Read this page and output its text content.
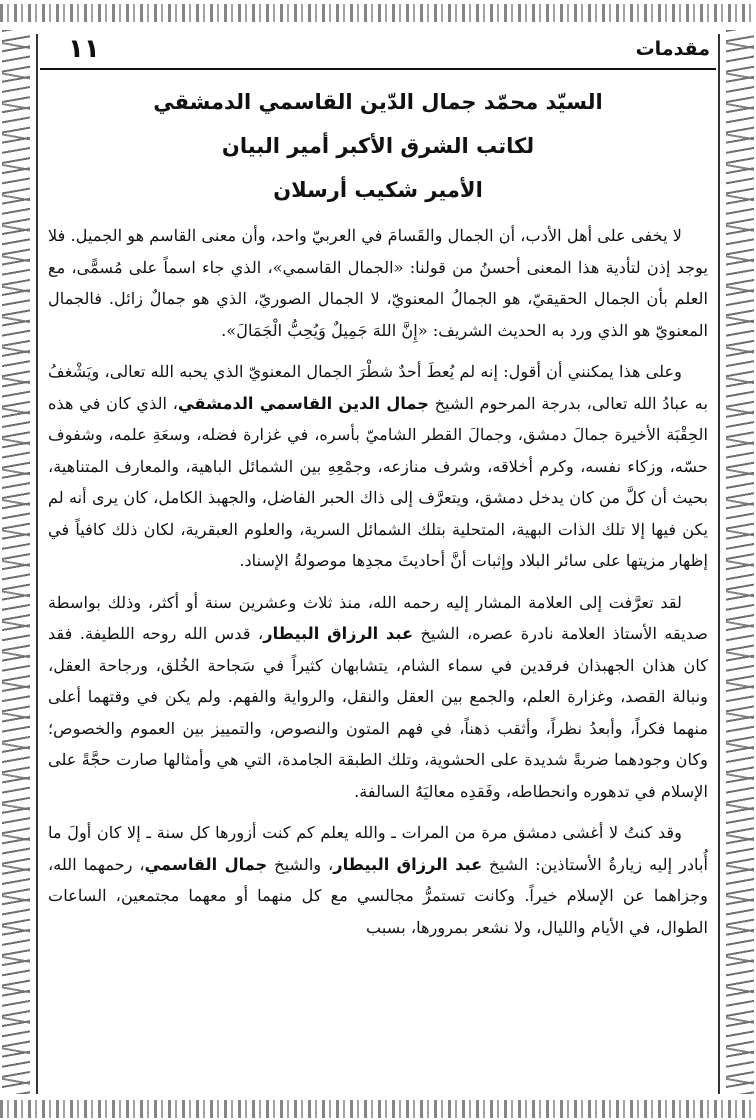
١١	مقدمات
السيّد محمّد جمال الدّين القاسمي الدمشقي
لكاتب الشرق الأكبر أمير البيان
الأمير شكيب أرسلان

لا يخفى على أهل الأدب، أن الجمال والقَسامَ في العربيّ واحد، وأن معنى القاسم هو الجميل. فلا يوجد إذن لتأدية هذا المعنى أحسنُ من قولنا: «الجمال القاسمي»، الذي جاء اسماً على مُسمًّى، مع العلم بأن الجمال الحقيقيّ، هو الجمالُ المعنويّ، لا الجمال الصوريّ، الذي هو جمالٌ زائل. فالجمال المعنويّ هو الذي ورد به الحديث الشريف: «إِنَّ اللهَ جَمِيلٌ وَيُحِبُّ الْجَمَالَ».

وعلى هذا يمكنني أن أقول: إنه لم يُعطَ أحدٌ شطْرَ الجمال المعنويّ الذي يحبه الله تعالى، ويَشْغفُ به عبادُ الله تعالى، بدرجة المرحوم الشيخ جمال الدين القاسمي الدمشقي، الذي كان في هذه الحِقْبَة الأخيرة جمالَ دمشق، وجمالَ القطر الشاميّ بأسره، في غزارة فضله، وسعَةِ علمه، وشفوف حسّه، وزكاء نفسه، وكرم أخلاقه، وشرف منازعه، وجمْعِهِ بين الشمائل الباهية، والمعارف المتناهية، بحيث أن كلَّ من كان يدخل دمشق، ويتعرَّف إلى ذاك الحبر الفاضل، والجهبذ الكامل، كان يرى أنه لم يكن فيها إلا تلك الذات البهية، المتحلية بتلك الشمائل السرية، والعلوم العبقرية، لكان ذلك كافياً في إظهار مزيتها على سائر البلاد وإثبات أنَّ أحاديثَ مجدِها موصولةُ الإسناد.

لقد تعرَّفت إلى العلامة المشار إليه رحمه الله، منذ ثلاث وعشرين سنة أو أكثر، وذلك بواسطة صديقه الأستاذ العلامة نادرة عصره، الشيخ عبد الرزاق البيطار، قدس الله روحه اللطيفة. فقد كان هذان الجهبذان فرقدين في سماء الشام، يتشابهان كثيراً في سَجاحة الخُلق، ورجاحة العقل، ونبالة القصد، وغزارة العلم، والجمع بين العقل والنقل، والرواية والفهم. ولم يكن في وقتهما أعلى منهما فكراً، وأبعدُ نظراً، وأثقب ذهناً، في فهم المتون والنصوص، والتمييز بين العموم والخصوص؛ وكان وجودهما ضربةً شديدة على الحشوية، وتلك الطبقة الجامدة، التي هي وأمثالها صارت حجَّةً على الإسلام في تدهوره وانحطاطه، وفَقدِه معاليَهُ السالفة.

وقد كنتُ لا أغشى دمشق مرة من المرات ـ والله يعلم كم كنت أزورها كل سنة ـ إلا كان أولَ ما أُبادر إليه زيارةُ الأستاذين: الشيخ عبد الرزاق البيطار، والشيخ جمال القاسمي، رحمهما الله، وجزاهما عن الإسلام خيراً. وكانت تستمرُّ مجالسي مع كل منهما أو معهما مجتمعين، الساعات الطوال، في الأيام والليال، ولا نشعر بمرورها، بسبب
